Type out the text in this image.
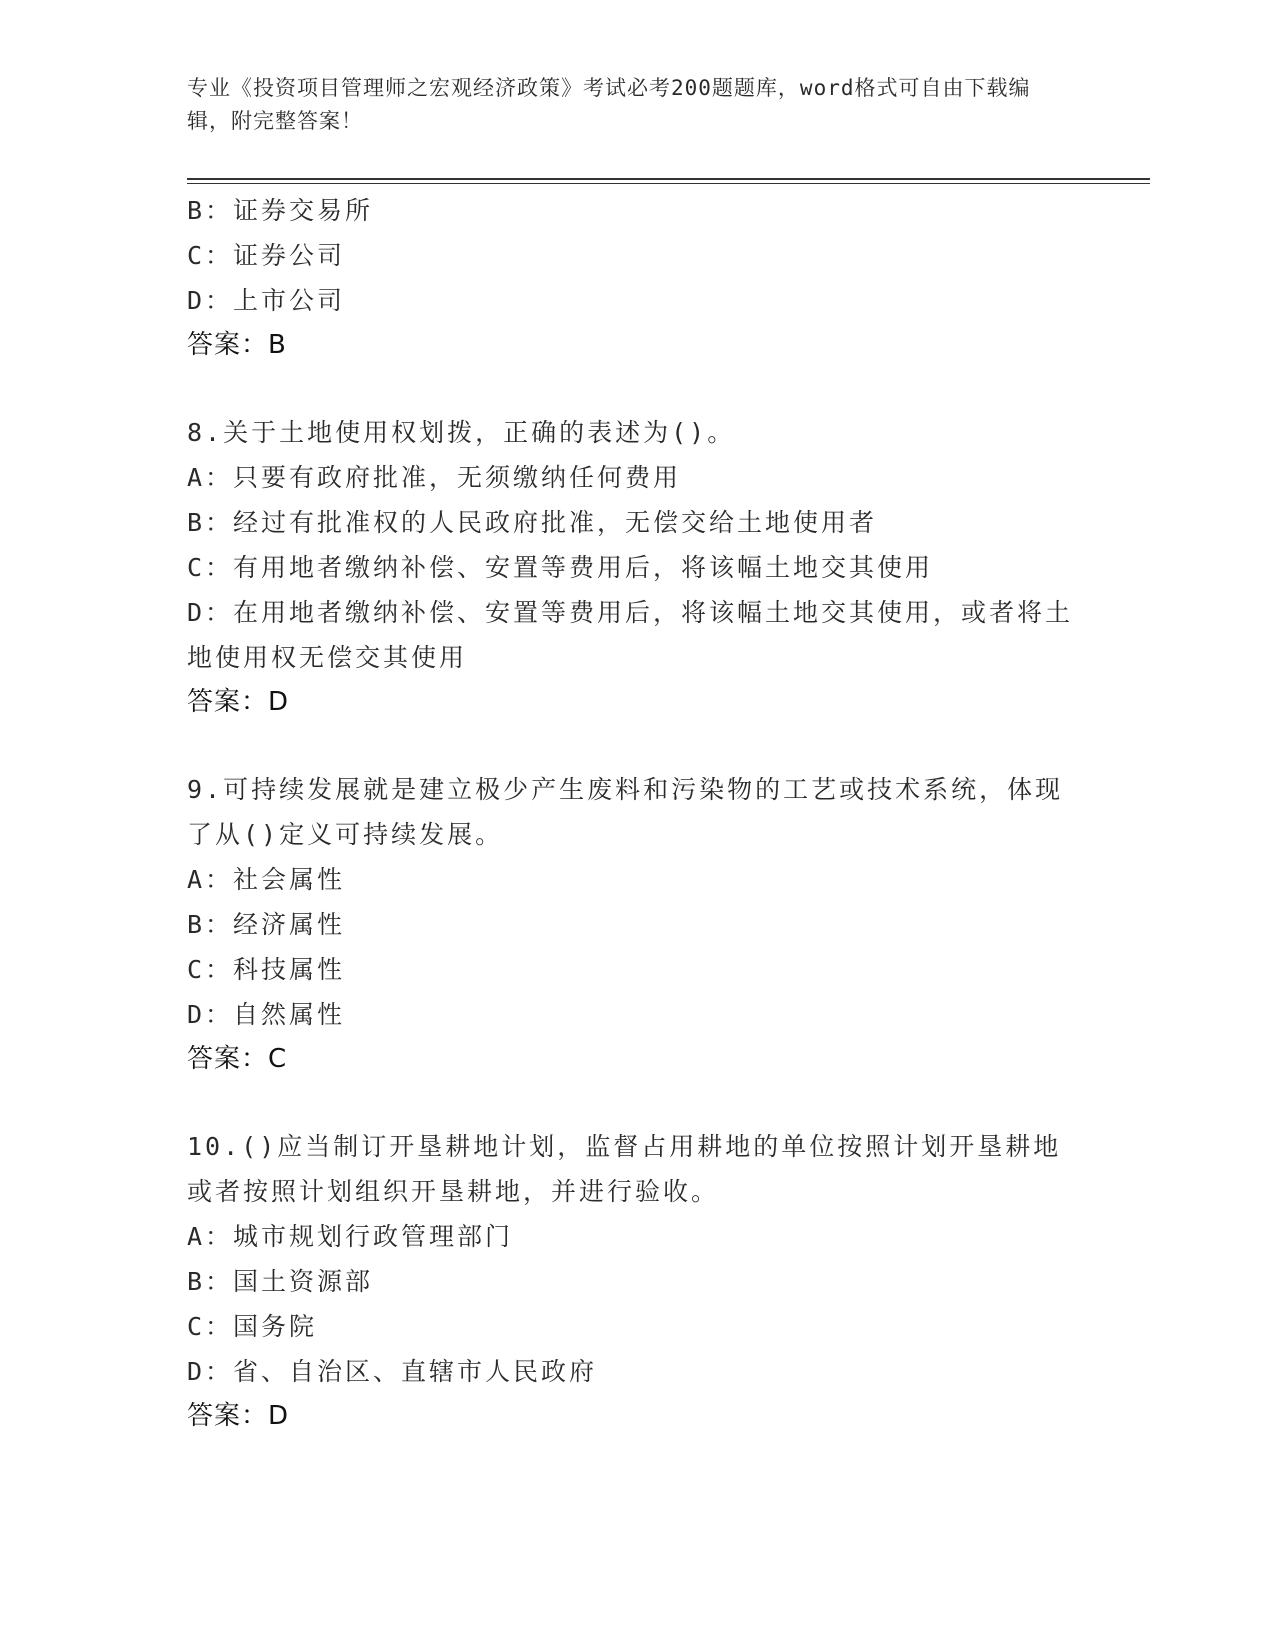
专业《投资项目管理师之宏观经济政策》考试必考200题题库，word格式可自由下载编辑，附完整答案！
B：证券交易所
C：证券公司
D：上市公司
答案：B
8.关于土地使用权划拨，正确的表述为()。
A：只要有政府批准，无须缴纳任何费用
B：经过有批准权的人民政府批准，无偿交给土地使用者
C：有用地者缴纳补偿、安置等费用后，将该幅土地交其使用
D：在用地者缴纳补偿、安置等费用后，将该幅土地交其使用，或者将土地使用权无偿交其使用
答案：D
9.可持续发展就是建立极少产生废料和污染物的工艺或技术系统，体现了从()定义可持续发展。
A：社会属性
B：经济属性
C：科技属性
D：自然属性
答案：C
10.()应当制订开垦耕地计划，监督占用耕地的单位按照计划开垦耕地或者按照计划组织开垦耕地，并进行验收。
A：城市规划行政管理部门
B：国土资源部
C：国务院
D：省、自治区、直辖市人民政府
答案：D
